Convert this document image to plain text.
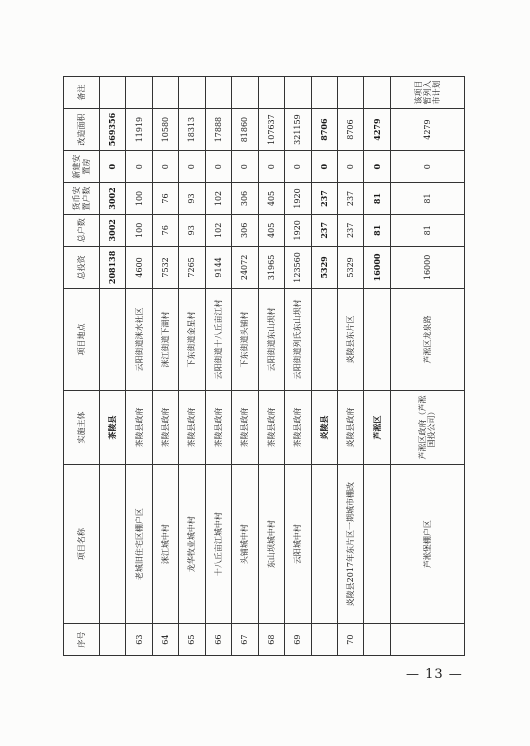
序号	项目名称	实施主体	项目地点	总投资	总户数	货币安置户数	新建安置房	改造面积	备注
		茶陵县		208138	3002	3002	0	569356	
63	老城旧住宅区棚户区	茶陵县政府	云阳街道洣水社区	4600	100	100	0	11919	
64	洣江城中村	茶陵县政府	洣江街道下湖村	7532	76	76	0	10580	
65	龙华牧业城中村	茶陵县政府	下东街道金星村	7265	93	93	0	18313	
66	十八丘亩江城中村	茶陵县政府	云阳街道十八丘亩江村	9144	102	102	0	17888	
67	头铺城中村	茶陵县政府	下东街道头铺村	24072	306	306	0	81860	
68	东山坝城中村	茶陵县政府	云阳街道东山坝村	31965	405	405	0	107637	
69	云阳城中村	茶陵县政府	云阳街道列氏东山坝村	123560	1920	1920	0	321159	
		炎陵县		5329	237	237	0	8706	
70	炎陵县2017年东片区一期城市棚改	炎陵县政府	炎陵县东片区	5329	237	237	0	8706	
		芦淞区		16000	81	81	0	4279	
	芦淞堡棚户区	芦淞区政府（芦淞国投公司）	芦淞区龙泉路	16000	81	81	0	4279	该项目暂列入市计划
— 13 —
